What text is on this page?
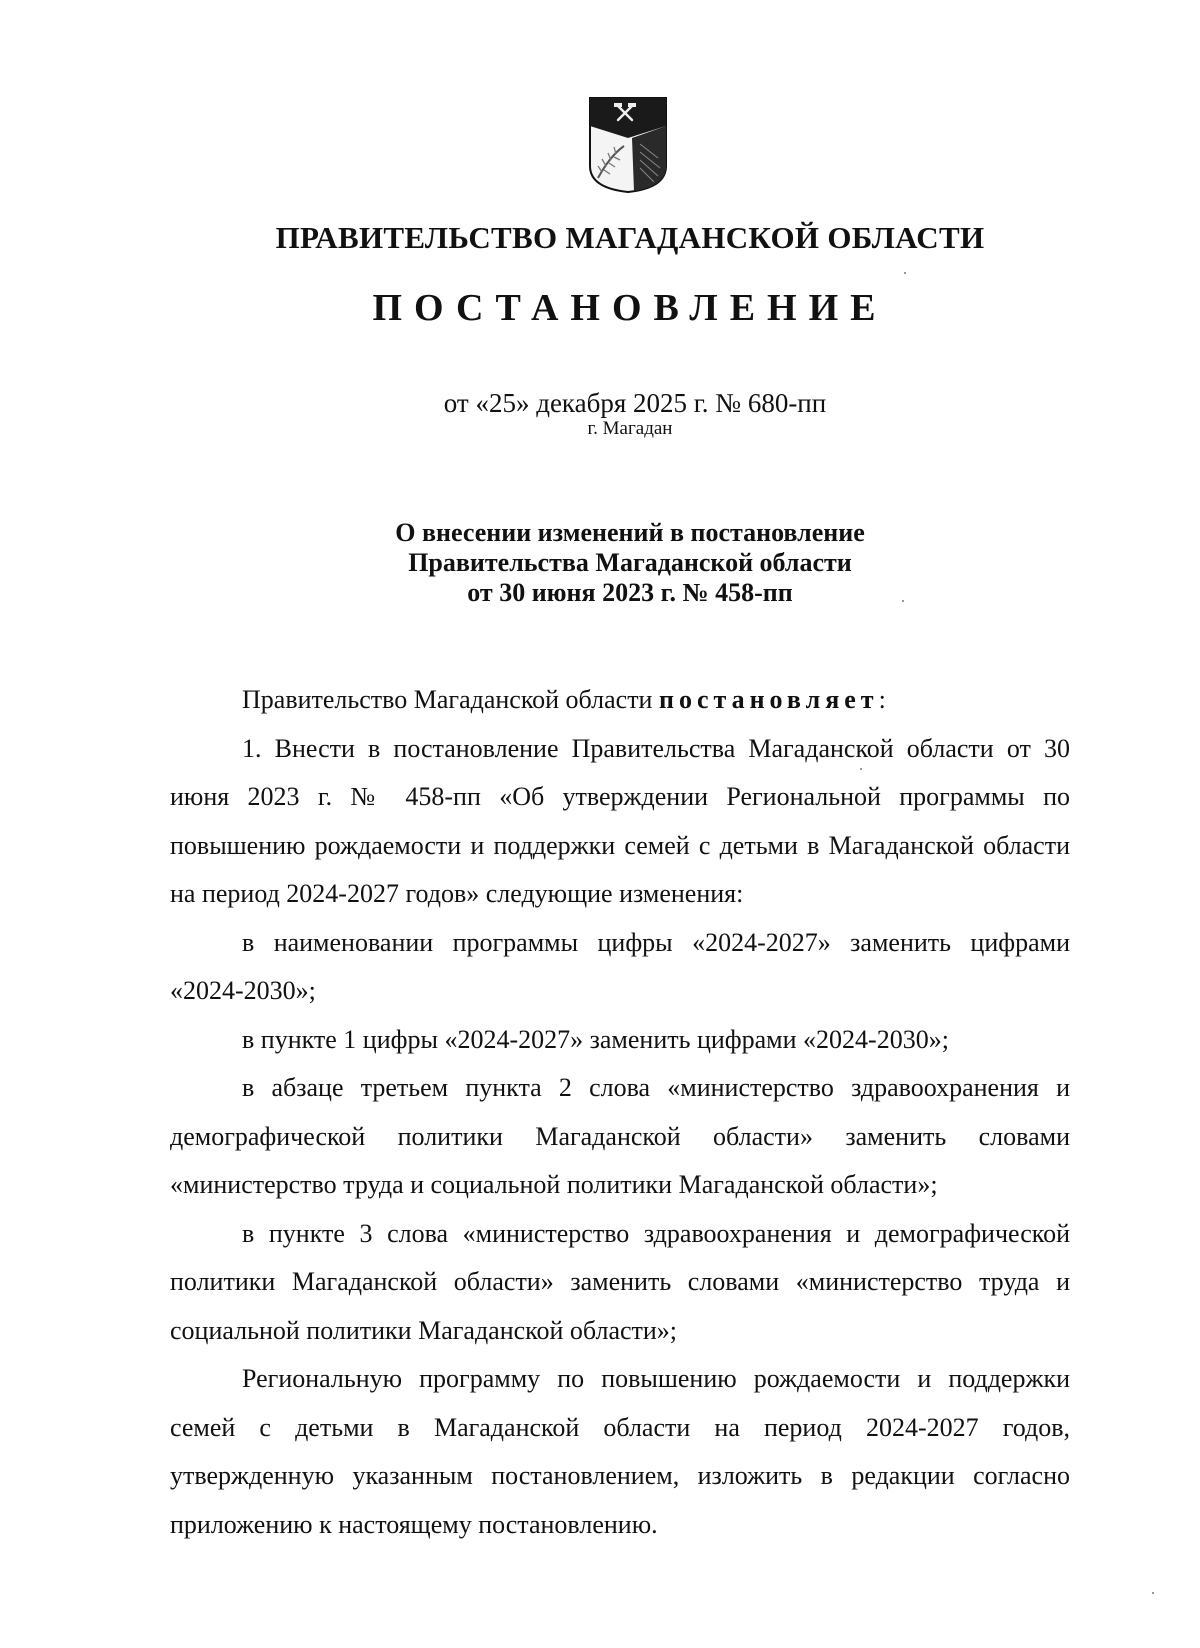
ПРАВИТЕЛЬСТВО МАГАДАНСКОЙ ОБЛАСТИ
ПОСТАНОВЛЕНИЕ
от «25» декабря 2025 г. № 680-пп
г. Магадан
О внесении изменений в постановление
Правительства Магаданской области
от 30 июня 2023 г. № 458-пп

Правительство Магаданской области постановляет:

1. Внести в постановление Правительства Магаданской области от 30 июня 2023 г. № 458-пп «Об утверждении Региональной программы по повышению рождаемости и поддержки семей с детьми в Магаданской области на период 2024-2027 годов» следующие изменения:

в наименовании программы цифры «2024-2027» заменить цифрами «2024-2030»;

в пункте 1 цифры «2024-2027» заменить цифрами «2024-2030»;

в абзаце третьем пункта 2 слова «министерство здравоохранения и демографической политики Магаданской области» заменить словами «министерство труда и социальной политики Магаданской области»;

в пункте 3 слова «министерство здравоохранения и демографической политики Магаданской области» заменить словами «министерство труда и социальной политики Магаданской области»;

Региональную программу по повышению рождаемости и поддержки семей с детьми в Магаданской области на период 2024-2027 годов, утвержденную указанным постановлением, изложить в редакции согласно приложению к настоящему постановлению.
